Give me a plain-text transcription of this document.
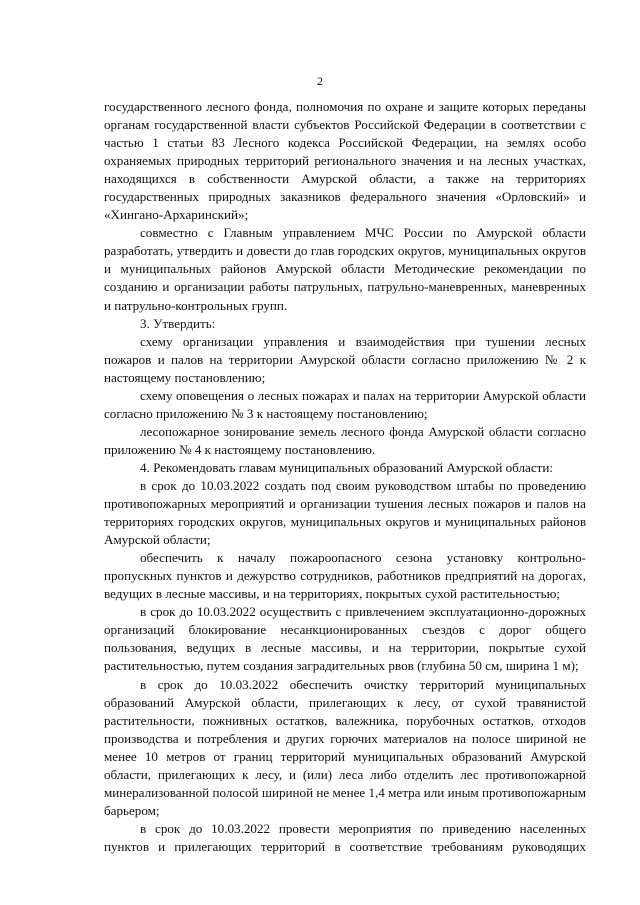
2

государственного лесного фонда, полномочия по охране и защите которых переданы органам государственной власти субъектов Российской Федерации в соответствии с частью 1 статьи 83 Лесного кодекса Российской Федерации, на землях особо охраняемых природных территорий регионального значения и на лесных участках, находящихся в собственности Амурской области, а также на территориях государственных природных заказников федерального значения «Орловский» и «Хингано-Архаринский»;

совместно с Главным управлением МЧС России по Амурской области разработать, утвердить и довести до глав городских округов, муниципальных округов и муниципальных районов Амурской области Методические рекомендации по созданию и организации работы патрульных, патрульно-маневренных, маневренных и патрульно-контрольных групп.

3. Утвердить:

схему организации управления и взаимодействия при тушении лесных пожаров и палов на территории Амурской области согласно приложению № 2 к настоящему постановлению;

схему оповещения о лесных пожарах и палах на территории Амурской области согласно приложению № 3 к настоящему постановлению;

лесопожарное зонирование земель лесного фонда Амурской области согласно приложению № 4 к настоящему постановлению.

4. Рекомендовать главам муниципальных образований Амурской области:

в срок до 10.03.2022 создать под своим руководством штабы по проведению противопожарных мероприятий и организации тушения лесных пожаров и палов на территориях городских округов, муниципальных округов и муниципальных районов Амурской области;

обеспечить к началу пожароопасного сезона установку контрольно-пропускных пунктов и дежурство сотрудников, работников предприятий на дорогах, ведущих в лесные массивы, и на территориях, покрытых сухой растительностью;

в срок до 10.03.2022 осуществить с привлечением эксплуатационно-дорожных организаций блокирование несанкционированных съездов с дорог общего пользования, ведущих в лесные массивы, и на территории, покрытые сухой растительностью, путем создания заградительных рвов (глубина 50 см, ширина 1 м);

в срок до 10.03.2022 обеспечить очистку территорий муниципальных образований Амурской области, прилегающих к лесу, от сухой травянистой растительности, пожнивных остатков, валежника, порубочных остатков, отходов производства и потребления и других горючих материалов на полосе шириной не менее 10 метров от границ территорий муниципальных образований Амурской области, прилегающих к лесу, и (или) леса либо отделить лес противопожарной минерализованной полосой шириной не менее 1,4 метра или иным противопожарным барьером;

в срок до 10.03.2022 провести мероприятия по приведению населенных пунктов и прилегающих территорий в соответствие требованиям руководящих
